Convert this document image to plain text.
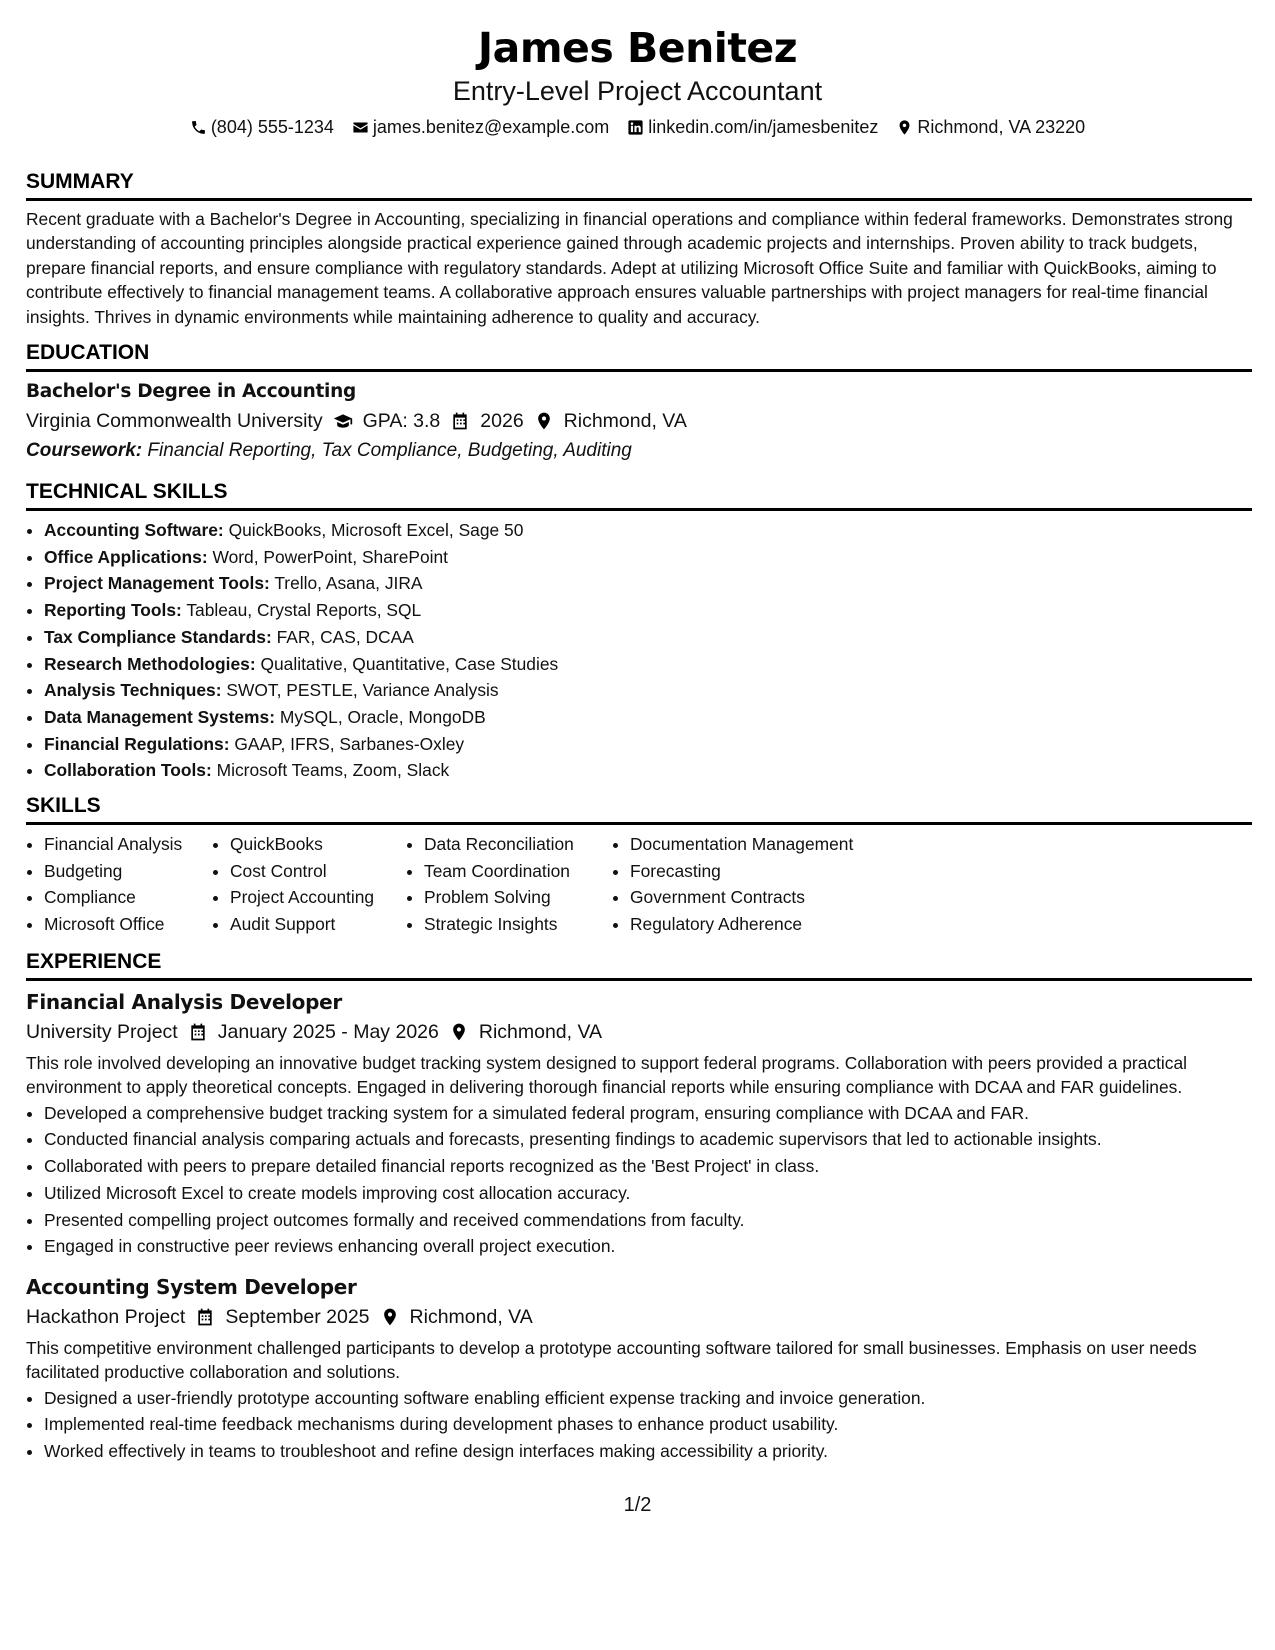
James Benitez
Entry-Level Project Accountant
(804) 555-1234 james.benitez@example.com linkedin.com/in/jamesbenitez Richmond, VA 23220
SUMMARY

Recent graduate with a Bachelor's Degree in Accounting, specializing in financial operations and compliance within federal frameworks. Demonstrates strong understanding of accounting principles alongside practical experience gained through academic projects and internships. Proven ability to track budgets, prepare financial reports, and ensure compliance with regulatory standards. Adept at utilizing Microsoft Office Suite and familiar with QuickBooks, aiming to contribute effectively to financial management teams. A collaborative approach ensures valuable partnerships with project managers for real-time financial insights. Thrives in dynamic environments while maintaining adherence to quality and accuracy.

EDUCATION
Bachelor's Degree in Accounting
Virginia Commonwealth University GPA: 3.8 2026 Richmond, VA
Coursework: Financial Reporting, Tax Compliance, Budgeting, Auditing
TECHNICAL SKILLS
• Accounting Software: QuickBooks, Microsoft Excel, Sage 50
• Office Applications: Word, PowerPoint, SharePoint
• Project Management Tools: Trello, Asana, JIRA
• Reporting Tools: Tableau, Crystal Reports, SQL
• Tax Compliance Standards: FAR, CAS, DCAA
• Research Methodologies: Qualitative, Quantitative, Case Studies
• Analysis Techniques: SWOT, PESTLE, Variance Analysis
• Data Management Systems: MySQL, Oracle, MongoDB
• Financial Regulations: GAAP, IFRS, Sarbanes-Oxley
• Collaboration Tools: Microsoft Teams, Zoom, Slack
SKILLS
• Financial Analysis
• Budgeting
• Compliance
• Microsoft Office
• QuickBooks
• Cost Control
• Project Accounting
• Audit Support
• Data Reconciliation
• Team Coordination
• Problem Solving
• Strategic Insights
• Documentation Management
• Forecasting
• Government Contracts
• Regulatory Adherence
EXPERIENCE
Financial Analysis Developer
University Project January 2025 - May 2026 Richmond, VA

This role involved developing an innovative budget tracking system designed to support federal programs. Collaboration with peers provided a practical environment to apply theoretical concepts. Engaged in delivering thorough financial reports while ensuring compliance with DCAA and FAR guidelines.

• Developed a comprehensive budget tracking system for a simulated federal program, ensuring compliance with DCAA and FAR.
• Conducted financial analysis comparing actuals and forecasts, presenting findings to academic supervisors that led to actionable insights.
• Collaborated with peers to prepare detailed financial reports recognized as the 'Best Project' in class.
• Utilized Microsoft Excel to create models improving cost allocation accuracy.
• Presented compelling project outcomes formally and received commendations from faculty.
• Engaged in constructive peer reviews enhancing overall project execution.
Accounting System Developer
Hackathon Project September 2025 Richmond, VA

This competitive environment challenged participants to develop a prototype accounting software tailored for small businesses. Emphasis on user needs facilitated productive collaboration and solutions.

• Designed a user-friendly prototype accounting software enabling efficient expense tracking and invoice generation.
• Implemented real-time feedback mechanisms during development phases to enhance product usability.
• Worked effectively in teams to troubleshoot and refine design interfaces making accessibility a priority.
1/2
